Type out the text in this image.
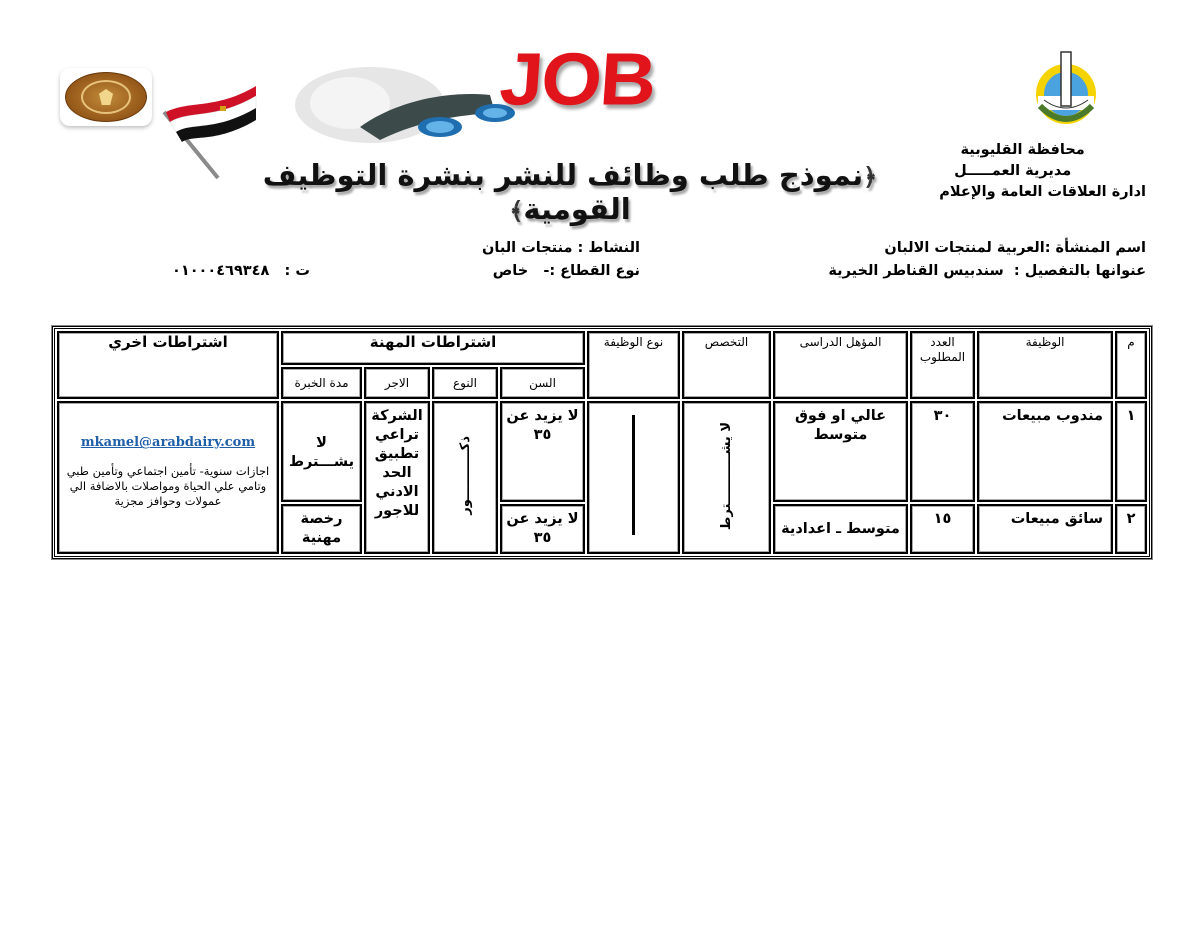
JOB
﴿نموذج طلب وظائف للنشر بنشرة التوظيف القومية﴾
محافظة القليوبية
مديرية العمـــــل
ادارة العلاقات العامة والإعلام
اسم المنشأة :العربية لمنتجات الالبان
عنوانها بالتفصيل :  سندبيس القناطر الخيرية
النشاط : منتجات البان
نوع القطاع :-   خاص
ت :   ٠١٠٠٠٤٦٩٣٤٨
م	الوظيفة	العدد المطلوب	المؤهل الدراسى	التخصص	نوع الوظيفة	اشتراطات المهنة				اشتراطات اخري
						السن	النوع	الاجر	مدة الخبرة	
١	مندوب مبيعات	٣٠	عالي او فوق متوسط	لا يشـــــــــــترط		لا يزيد عن ٣٥	ذكـــــــــــور	الشركة تراعي تطبيق الحد الادني للاجور	لا يشـــترط	mkamel@arabdairy.com
اجازات سنوية- تأمين اجتماعي وتأمين طبي وتامي علي الحياة ومواصلات بالاضافة الي عمولات وحوافز مجزية

٢	سائق مبيعات	١٥	متوسط ـ اعدادية			لا يزيد عن ٣٥			رخصة مهنية	
